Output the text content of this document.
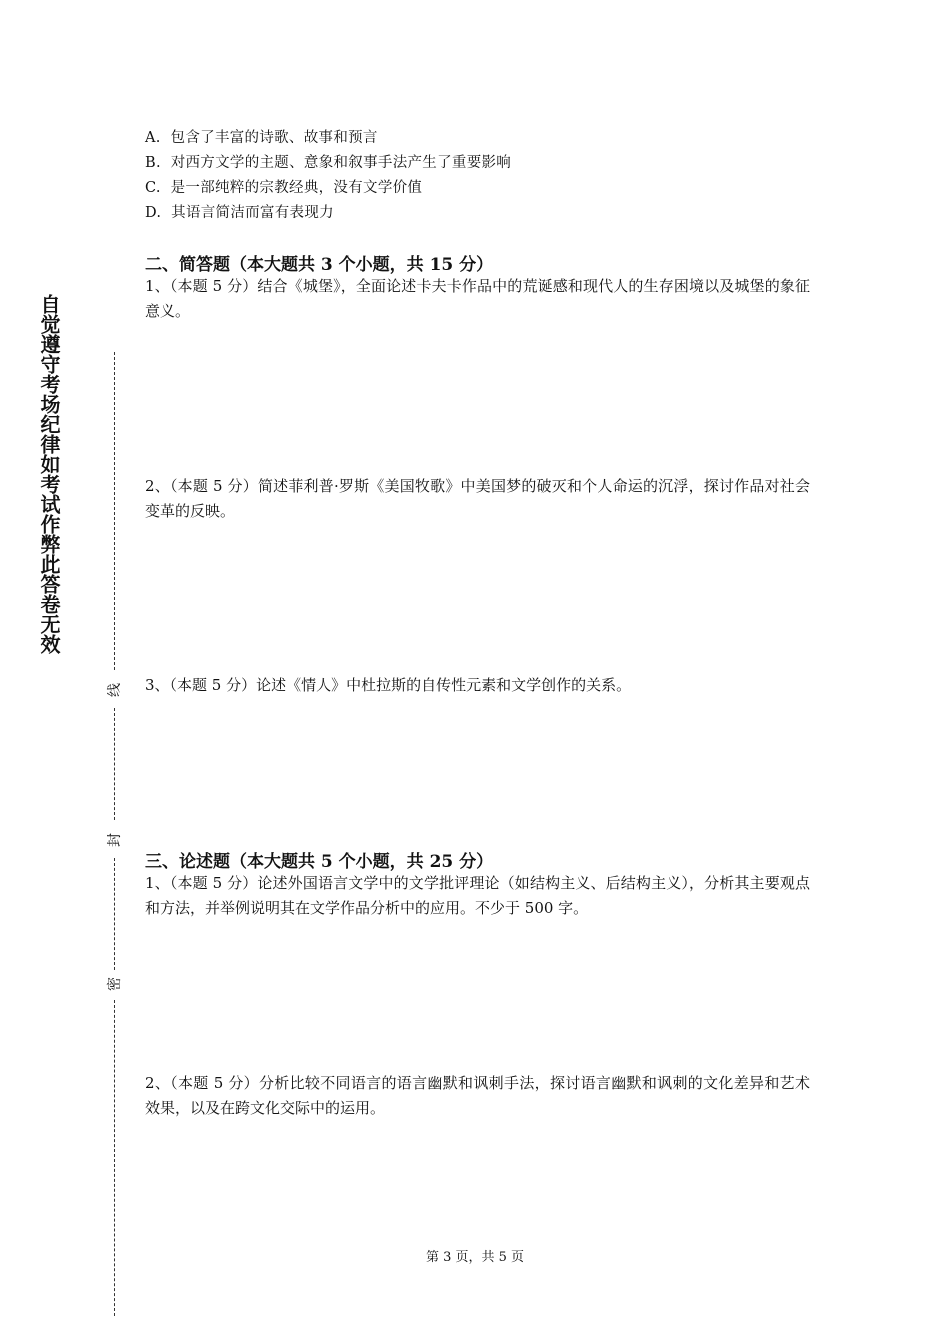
自觉遵守考场纪律如考试作弊此答卷无效
线
封
密
A. 包含了丰富的诗歌、故事和预言
B. 对西方文学的主题、意象和叙事手法产生了重要影响
C. 是一部纯粹的宗教经典，没有文学价值
D. 其语言简洁而富有表现力
二、简答题（本大题共 3 个小题，共 15 分）
1、（本题 5 分）结合《城堡》，全面论述卡夫卡作品中的荒诞感和现代人的生存困境以及城堡的象征意义。
2、（本题 5 分）简述菲利普·罗斯《美国牧歌》中美国梦的破灭和个人命运的沉浮，探讨作品对社会变革的反映。
3、（本题 5 分）论述《情人》中杜拉斯的自传性元素和文学创作的关系。
三、论述题（本大题共 5 个小题，共 25 分）
1、（本题 5 分）论述外国语言文学中的文学批评理论（如结构主义、后结构主义），分析其主要观点和方法，并举例说明其在文学作品分析中的应用。不少于 500 字。
2、（本题 5 分）分析比较不同语言的语言幽默和讽刺手法，探讨语言幽默和讽刺的文化差异和艺术效果，以及在跨文化交际中的运用。
第 3 页，共 5 页
